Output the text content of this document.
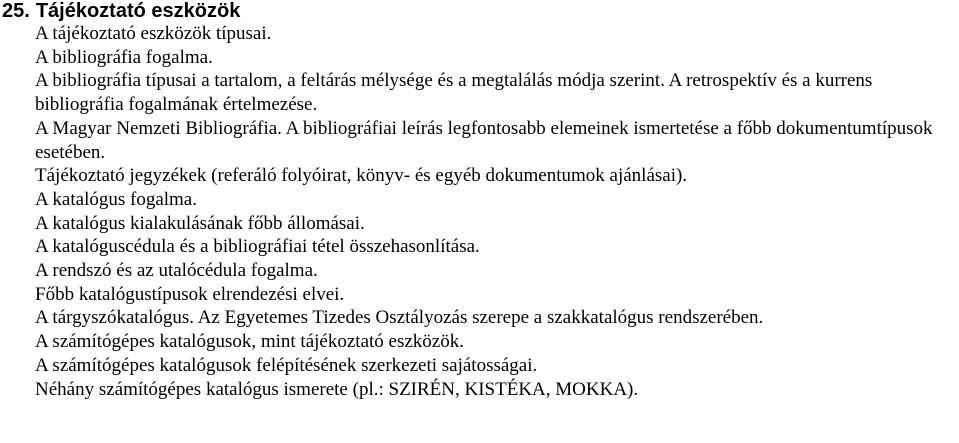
25. Tájékoztató eszközök
A tájékoztató eszközök típusai.
A bibliográfia fogalma.
A bibliográfia típusai a tartalom, a feltárás mélysége és a megtalálás módja szerint. A retrospektív és a kurrens bibliográfia fogalmának értelmezése.
A Magyar Nemzeti Bibliográfia. A bibliográfiai leírás legfontosabb elemeinek ismertetése a főbb dokumentumtípusok esetében.
Tájékoztató jegyzékek (referáló folyóirat, könyv- és egyéb dokumentumok ajánlásai).
A katalógus fogalma.
A katalógus kialakulásának főbb állomásai.
A katalóguscédula és a bibliográfiai tétel összehasonlítása.
A rendszó és az utalócédula fogalma.
Főbb katalógustípusok elrendezési elvei.
A tárgyszókatalógus. Az Egyetemes Tizedes Osztályozás szerepe a szakkatalógus rendszerében.
A számítógépes katalógusok, mint tájékoztató eszközök.
A számítógépes katalógusok felépítésének szerkezeti sajátosságai.
Néhány számítógépes katalógus ismerete (pl.: SZIRÉN, KISTÉKA, MOKKA).
